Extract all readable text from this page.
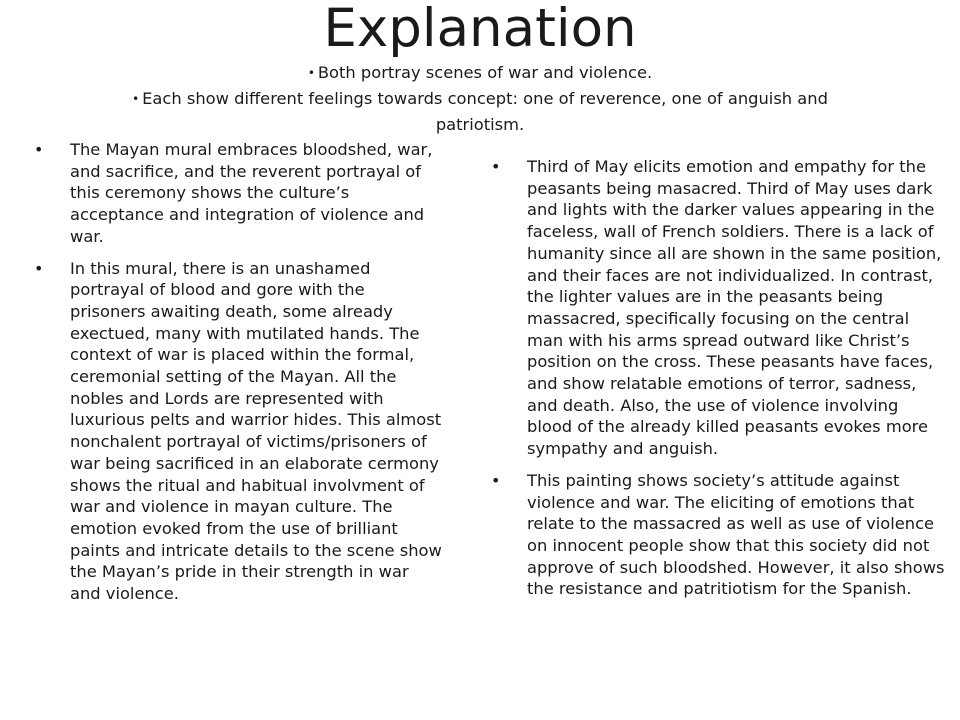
Explanation
• Both portray scenes of war and violence.
• Each show different feelings towards concept: one of reverence, one of anguish and patriotism.
• The Mayan mural embraces bloodshed, war, and sacrifice, and the reverent portrayal of this ceremony shows the culture’s acceptance and integration of violence and war.
• In this mural, there is an unashamed portrayal of blood and gore with the prisoners awaiting death, some already exectued, many with mutilated hands. The context of war is placed within the formal, ceremonial setting of the Mayan. All the nobles and Lords are represented with luxurious pelts and warrior hides. This almost nonchalent portrayal of victims/prisoners of war being sacrificed in an elaborate cermony shows the ritual and habitual involvment of war and violence in mayan culture. The emotion evoked from the use of brilliant paints and intricate details to the scene show the Mayan’s pride in their strength in war and violence.
• Third of May elicits emotion and empathy for the peasants being masacred. Third of May uses dark and lights with the darker values appearing in the faceless, wall of French soldiers. There is a lack of humanity since all are shown in the same position, and their faces are not individualized. In contrast, the lighter values are in the peasants being massacred, specifically focusing on the central man with his arms spread outward like Christ’s position on the cross. These peasants have faces, and show relatable emotions of terror, sadness, and death. Also, the use of violence involving blood of the already killed peasants evokes more sympathy and anguish.
• This painting shows society’s attitude against violence and war. The eliciting of emotions that relate to the massacred as well as use of violence on innocent people show that this society did not approve of such bloodshed. However, it also shows the resistance and patritiotism for the Spanish.
